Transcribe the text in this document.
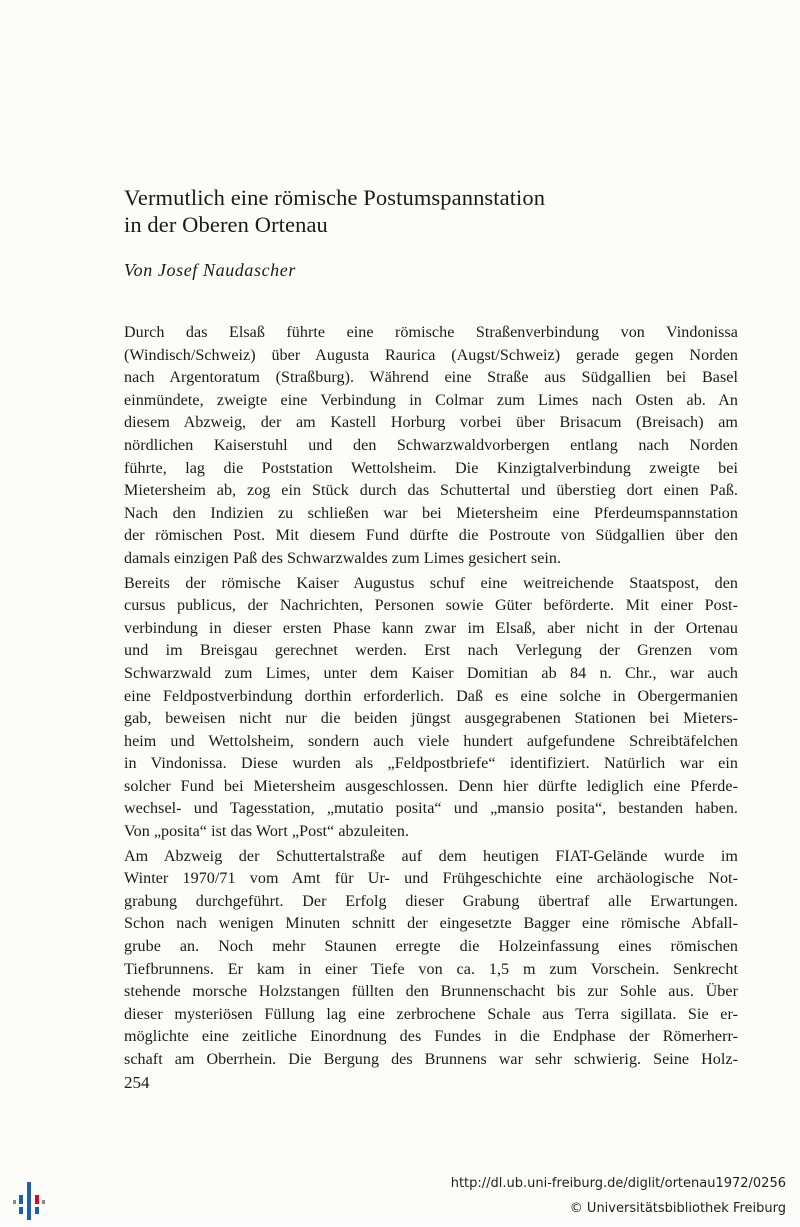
Vermutlich eine römische Postumspannstation
in der Oberen Ortenau
Von Josef Naudascher

Durch das Elsaß führte eine römische Straßenverbindung von Vindonissa
(Windisch/Schweiz) über Augusta Raurica (Augst/Schweiz) gerade gegen Norden
nach Argentoratum (Straßburg). Während eine Straße aus Südgallien bei Basel
einmündete, zweigte eine Verbindung in Colmar zum Limes nach Osten ab. An
diesem Abzweig, der am Kastell Horburg vorbei über Brisacum (Breisach) am
nördlichen Kaiserstuhl und den Schwarzwaldvorbergen entlang nach Norden
führte, lag die Poststation Wettolsheim. Die Kinzigtalverbindung zweigte bei
Mietersheim ab, zog ein Stück durch das Schuttertal und überstieg dort einen Paß.
Nach den Indizien zu schließen war bei Mietersheim eine Pferdeumspannstation
der römischen Post. Mit diesem Fund dürfte die Postroute von Südgallien über den
damals einzigen Paß des Schwarzwaldes zum Limes gesichert sein.

Bereits der römische Kaiser Augustus schuf eine weitreichende Staatspost, den
cursus publicus, der Nachrichten, Personen sowie Güter beförderte. Mit einer Post-
verbindung in dieser ersten Phase kann zwar im Elsaß, aber nicht in der Ortenau
und im Breisgau gerechnet werden. Erst nach Verlegung der Grenzen vom
Schwarzwald zum Limes, unter dem Kaiser Domitian ab 84 n. Chr., war auch
eine Feldpostverbindung dorthin erforderlich. Daß es eine solche in Obergermanien
gab, beweisen nicht nur die beiden jüngst ausgegrabenen Stationen bei Mieters-
heim und Wettolsheim, sondern auch viele hundert aufgefundene Schreibtäfelchen
in Vindonissa. Diese wurden als „Feldpostbriefe“ identifiziert. Natürlich war ein
solcher Fund bei Mietersheim ausgeschlossen. Denn hier dürfte lediglich eine Pferde-
wechsel- und Tagesstation, „mutatio posita“ und „mansio posita“, bestanden haben.
Von „posita“ ist das Wort „Post“ abzuleiten.

Am Abzweig der Schuttertalstraße auf dem heutigen FIAT-Gelände wurde im
Winter 1970/71 vom Amt für Ur- und Frühgeschichte eine archäologische Not-
grabung durchgeführt. Der Erfolg dieser Grabung übertraf alle Erwartungen.
Schon nach wenigen Minuten schnitt der eingesetzte Bagger eine römische Abfall-
grube an. Noch mehr Staunen erregte die Holzeinfassung eines römischen
Tiefbrunnens. Er kam in einer Tiefe von ca. 1,5 m zum Vorschein. Senkrecht
stehende morsche Holzstangen füllten den Brunnenschacht bis zur Sohle aus. Über
dieser mysteriösen Füllung lag eine zerbrochene Schale aus Terra sigillata. Sie er-
möglichte eine zeitliche Einordnung des Fundes in die Endphase der Römerherr-
schaft am Oberrhein. Die Bergung des Brunnens war sehr schwierig. Seine Holz-

254
http://dl.ub.uni-freiburg.de/diglit/ortenau1972/0256
© Universitätsbibliothek Freiburg
